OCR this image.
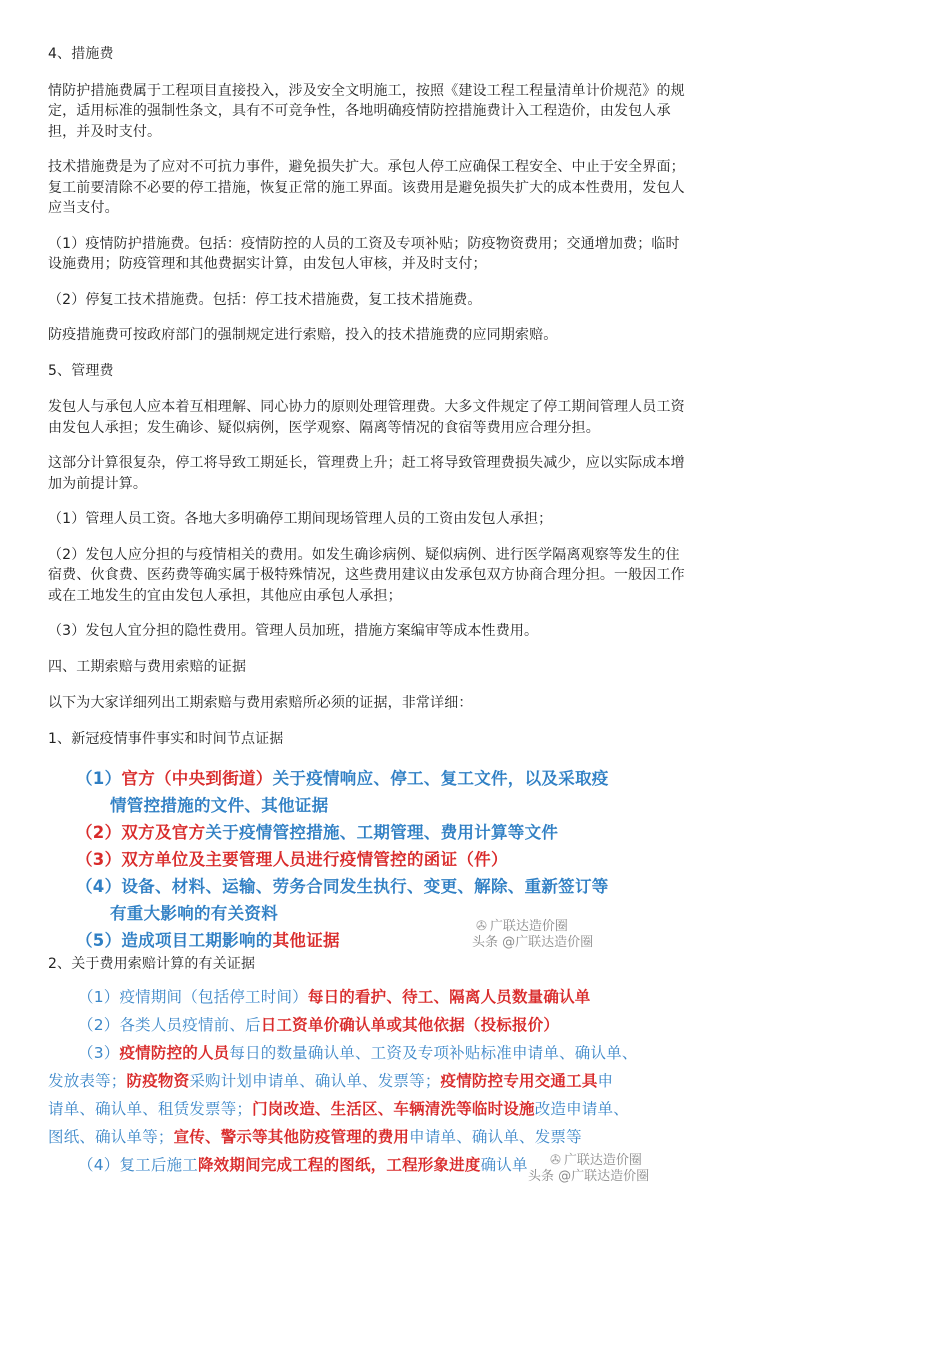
4、措施费

情防护措施费属于工程项目直接投入，涉及安全文明施工，按照《建设工程工程量清单计价规范》的规定，适用标准的强制性条文，具有不可竞争性，各地明确疫情防控措施费计入工程造价，由发包人承担，并及时支付。

技术措施费是为了应对不可抗力事件，避免损失扩大。承包人停工应确保工程安全、中止于安全界面；复工前要清除不必要的停工措施，恢复正常的施工界面。该费用是避免损失扩大的成本性费用，发包人应当支付。

（1）疫情防护措施费。包括：疫情防控的人员的工资及专项补贴；防疫物资费用；交通增加费；临时设施费用；防疫管理和其他费据实计算，由发包人审核，并及时支付；

（2）停复工技术措施费。包括：停工技术措施费，复工技术措施费。

防疫措施费可按政府部门的强制规定进行索赔，投入的技术措施费的应同期索赔。

5、管理费

发包人与承包人应本着互相理解、同心协力的原则处理管理费。大多文件规定了停工期间管理人员工资由发包人承担；发生确诊、疑似病例，医学观察、隔离等情况的食宿等费用应合理分担。

这部分计算很复杂，停工将导致工期延长，管理费上升；赶工将导致管理费损失减少，应以实际成本增加为前提计算。

（1）管理人员工资。各地大多明确停工期间现场管理人员的工资由发包人承担；

（2）发包人应分担的与疫情相关的费用。如发生确诊病例、疑似病例、进行医学隔离观察等发生的住宿费、伙食费、医药费等确实属于极特殊情况，这些费用建议由发承包双方协商合理分担。一般因工作或在工地发生的宜由发包人承担，其他应由承包人承担；

（3）发包人宜分担的隐性费用。管理人员加班，措施方案编审等成本性费用。

四、工期索赔与费用索赔的证据

以下为大家详细列出工期索赔与费用索赔所必须的证据，非常详细：

1、新冠疫情事件事实和时间节点证据

（1）官方（中央到街道）关于疫情响应、停工、复工文件，以及采取疫
情管控措施的文件、其他证据
（2）双方及官方关于疫情管控措施、工期管理、费用计算等文件
（3）双方单位及主要管理人员进行疫情管控的函证（件）
（4）设备、材料、运输、劳务合同发生执行、变更、解除、重新签订等
有重大影响的有关资料
（5）造成项目工期影响的其他证据
✇ 广联达造价圈
头条 @广联达造价圈

2、关于费用索赔计算的有关证据

（1）疫情期间（包括停工时间）每日的看护、待工、隔离人员数量确认单
（2）各类人员疫情前、后日工资单价确认单或其他依据（投标报价）
（3）疫情防控的人员每日的数量确认单、工资及专项补贴标准申请单、确认单、
发放表等；防疫物资采购计划申请单、确认单、发票等；疫情防控专用交通工具申
请单、确认单、租赁发票等；门岗改造、生活区、车辆清洗等临时设施改造申请单、
图纸、确认单等；宣传、警示等其他防疫管理的费用申请单、确认单、发票等
（4）复工后施工降效期间完成工程的图纸，工程形象进度确认单 ✇ 广联达造价圈
头条 @广联达造价圈
